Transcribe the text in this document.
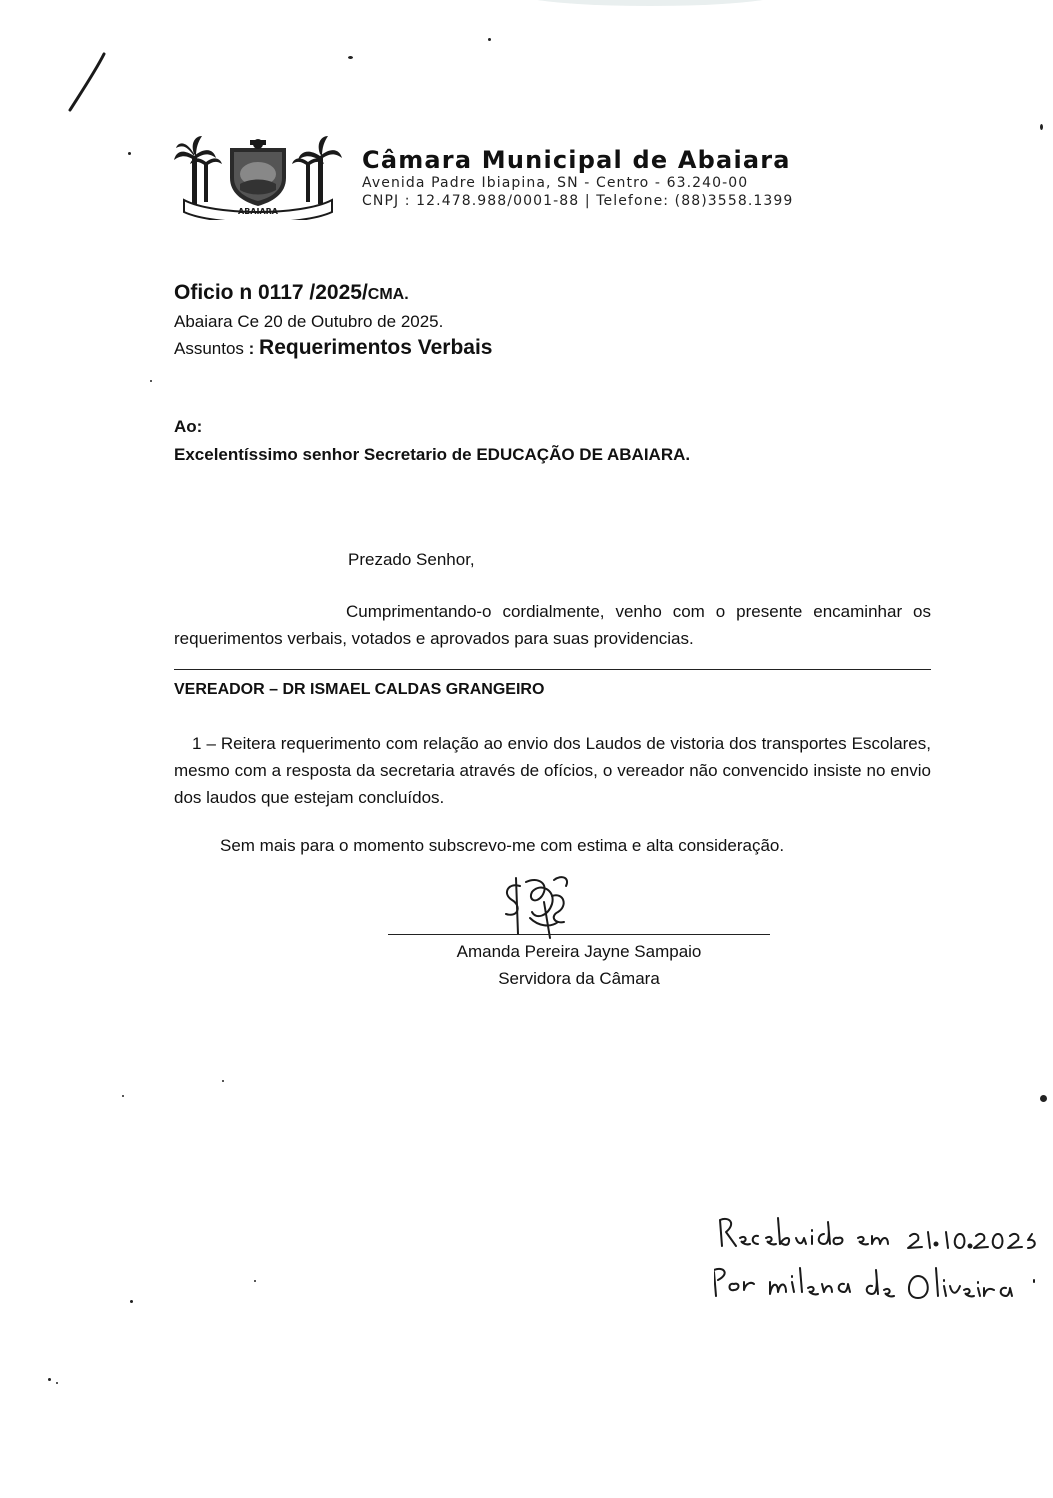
ABAIARA
Câmara Municipal de Abaiara
Avenida Padre Ibiapina, SN - Centro - 63.240-00
CNPJ : 12.478.988/0001-88 | Telefone: (88)3558.1399
Oficio n 0117 /2025/CMA.
Abaiara Ce 20 de Outubro de 2025.
Assuntos : Requerimentos Verbais
Ao:
Excelentíssimo senhor Secretario de EDUCAÇÃO DE ABAIARA.
Prezado Senhor,
Cumprimentando-o cordialmente, venho com o presente encaminhar os requerimentos verbais, votados e aprovados para suas providencias.
VEREADOR – DR ISMAEL CALDAS GRANGEIRO
1 – Reitera requerimento com relação ao envio dos Laudos de vistoria dos transportes Escolares, mesmo com a resposta da secretaria através de ofícios, o vereador não convencido insiste no envio dos laudos que estejam concluídos.
Sem mais para o momento subscrevo-me com estima e alta consideração.
Amanda Pereira Jayne Sampaio
Servidora da Câmara
